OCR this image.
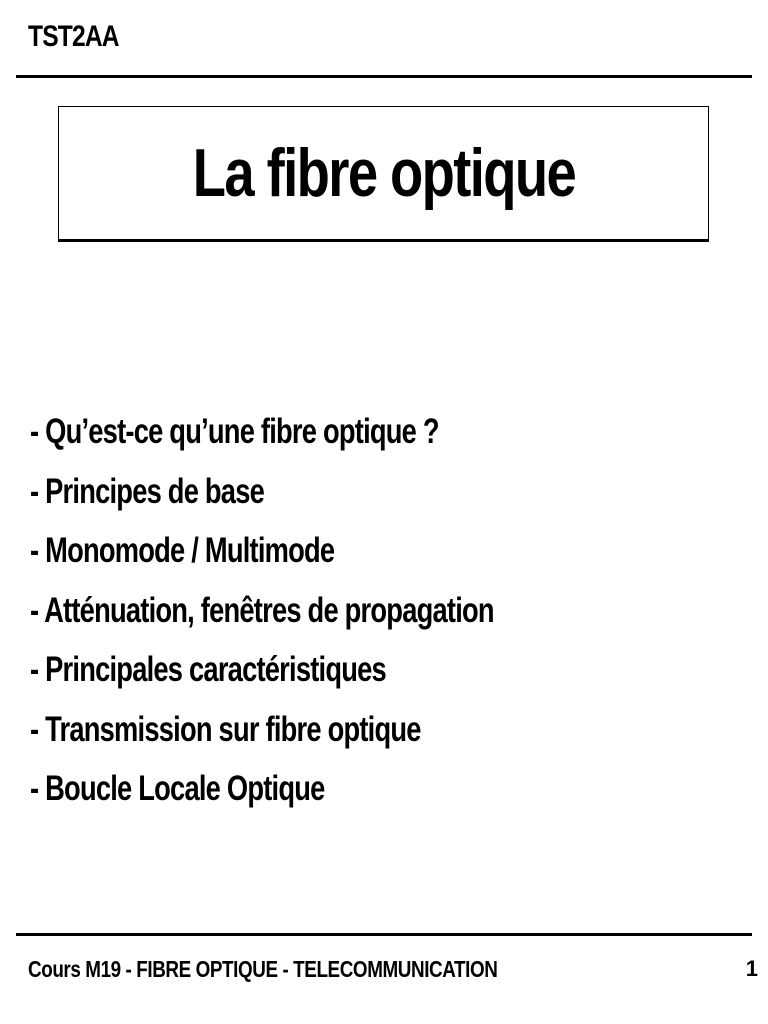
TST2AA
La fibre optique
- Qu’est-ce qu’une fibre optique ?
- Principes de base
- Monomode / Multimode
- Atténuation, fenêtres de propagation
- Principales caractéristiques
- Transmission sur fibre optique
- Boucle Locale Optique
Cours M19 - FIBRE OPTIQUE - TELECOMMUNICATION	1
